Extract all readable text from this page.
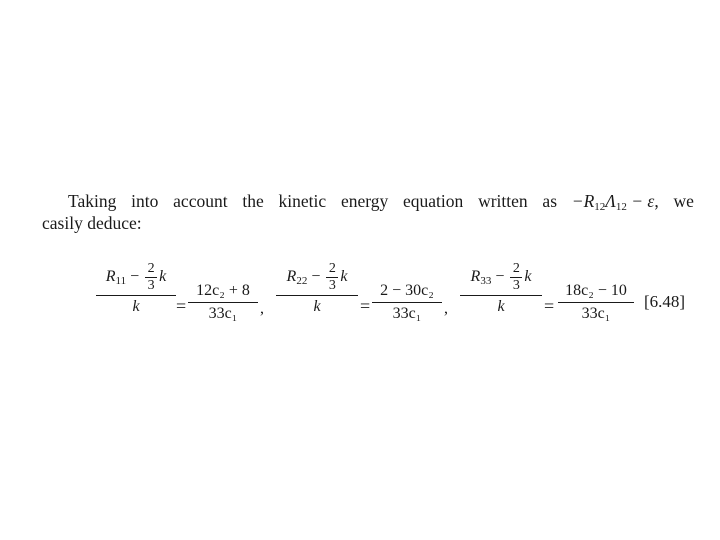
Taking into account the kinetic energy equation written as $-R_{12}\Lambda_{12} - \varepsilon$, we
casily deduce:
$R_{11} - \frac{2}{3}$ k
k =
12c₂ + 8
33c₁ ,
$R_{22} - \frac{2}{3}$ k
k =
2 − 30c₂
33c₁ ,
$R_{33} - \frac{2}{3}$ k
k =
18c₂ − 10
33c₁
[6.48]
